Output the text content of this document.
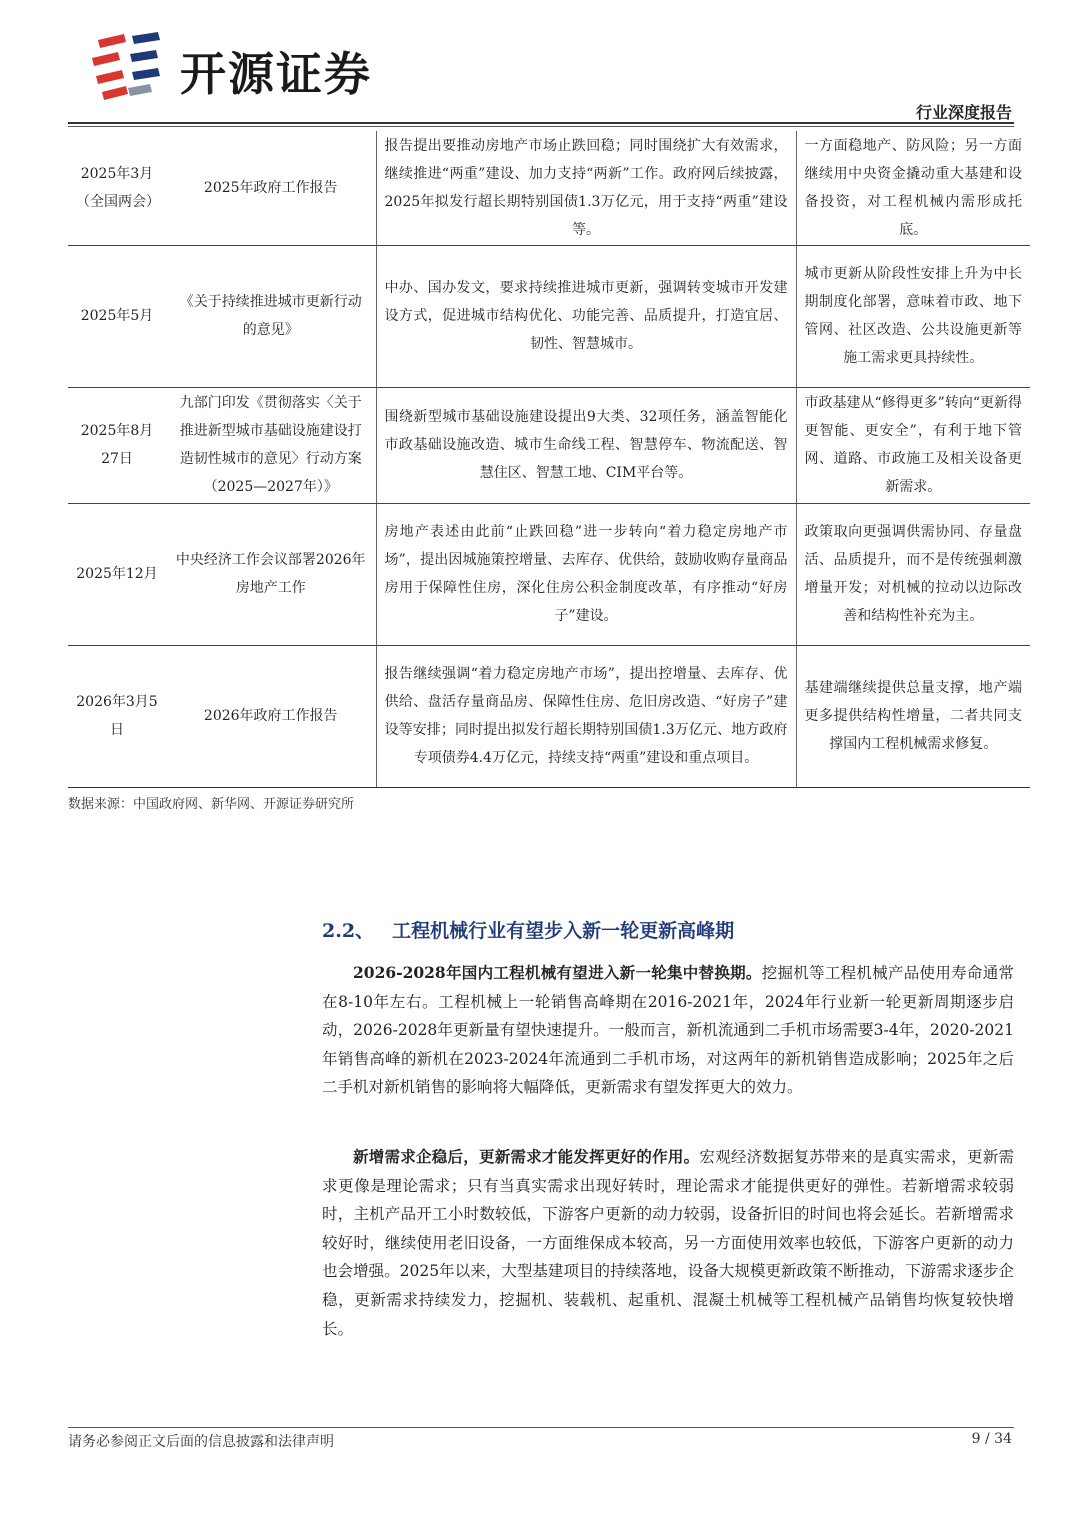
开源证券
行业深度报告
2025年3月（全国两会）	2025年政府工作报告	报告提出要推动房地产市场止跌回稳；同时围绕扩大有效需求，继续推进“两重”建设、加力支持“两新”工作。政府网后续披露，2025年拟发行超长期特别国债1.3万亿元，用于支持“两重”建设等。	一方面稳地产、防风险；另一方面继续用中央资金撬动重大基建和设备投资，对工程机械内需形成托底。
2025年5月	《关于持续推进城市更新行动的意见》	中办、国办发文，要求持续推进城市更新，强调转变城市开发建设方式，促进城市结构优化、功能完善、品质提升，打造宜居、韧性、智慧城市。	城市更新从阶段性安排上升为中长期制度化部署，意味着市政、地下管网、社区改造、公共设施更新等施工需求更具持续性。
2025年8月27日	九部门印发《贯彻落实〈关于推进新型城市基础设施建设打造韧性城市的意见〉行动方案（2025—2027年）》	围绕新型城市基础设施建设提出9大类、32项任务，涵盖智能化市政基础设施改造、城市生命线工程、智慧停车、物流配送、智慧住区、智慧工地、CIM平台等。	市政基建从“修得更多”转向“更新得更智能、更安全”，有利于地下管网、道路、市政施工及相关设备更新需求。
2025年12月	中央经济工作会议部署2026年房地产工作	房地产表述由此前“止跌回稳”进一步转向“着力稳定房地产市场”，提出因城施策控增量、去库存、优供给，鼓励收购存量商品房用于保障性住房，深化住房公积金制度改革，有序推动“好房子”建设。	政策取向更强调供需协同、存量盘活、品质提升，而不是传统强刺激增量开发；对机械的拉动以边际改善和结构性补充为主。
2026年3月5日	2026年政府工作报告	报告继续强调“着力稳定房地产市场”，提出控增量、去库存、优供给、盘活存量商品房、保障性住房、危旧房改造、“好房子”建设等安排；同时提出拟发行超长期特别国债1.3万亿元、地方政府专项债券4.4万亿元，持续支持“两重”建设和重点项目。	基建端继续提供总量支撑，地产端更多提供结构性增量，二者共同支撑国内工程机械需求修复。
数据来源：中国政府网、新华网、开源证券研究所
2.2、 工程机械行业有望步入新一轮更新高峰期

2026-2028年国内工程机械有望进入新一轮集中替换期。挖掘机等工程机械产品使用寿命通常在8-10年左右。工程机械上一轮销售高峰期在2016-2021年，2024年行业新一轮更新周期逐步启动，2026-2028年更新量有望快速提升。一般而言，新机流通到二手机市场需要3-4年，2020-2021年销售高峰的新机在2023-2024年流通到二手机市场，对这两年的新机销售造成影响；2025年之后二手机对新机销售的影响将大幅降低，更新需求有望发挥更大的效力。

新增需求企稳后，更新需求才能发挥更好的作用。宏观经济数据复苏带来的是真实需求，更新需求更像是理论需求；只有当真实需求出现好转时，理论需求才能提供更好的弹性。若新增需求较弱时，主机产品开工小时数较低，下游客户更新的动力较弱，设备折旧的时间也将会延长。若新增需求较好时，继续使用老旧设备，一方面维保成本较高，另一方面使用效率也较低，下游客户更新的动力也会增强。2025年以来，大型基建项目的持续落地，设备大规模更新政策不断推动，下游需求逐步企稳，更新需求持续发力，挖掘机、装载机、起重机、混凝土机械等工程机械产品销售均恢复较快增长。

请务必参阅正文后面的信息披露和法律声明	9 / 34
